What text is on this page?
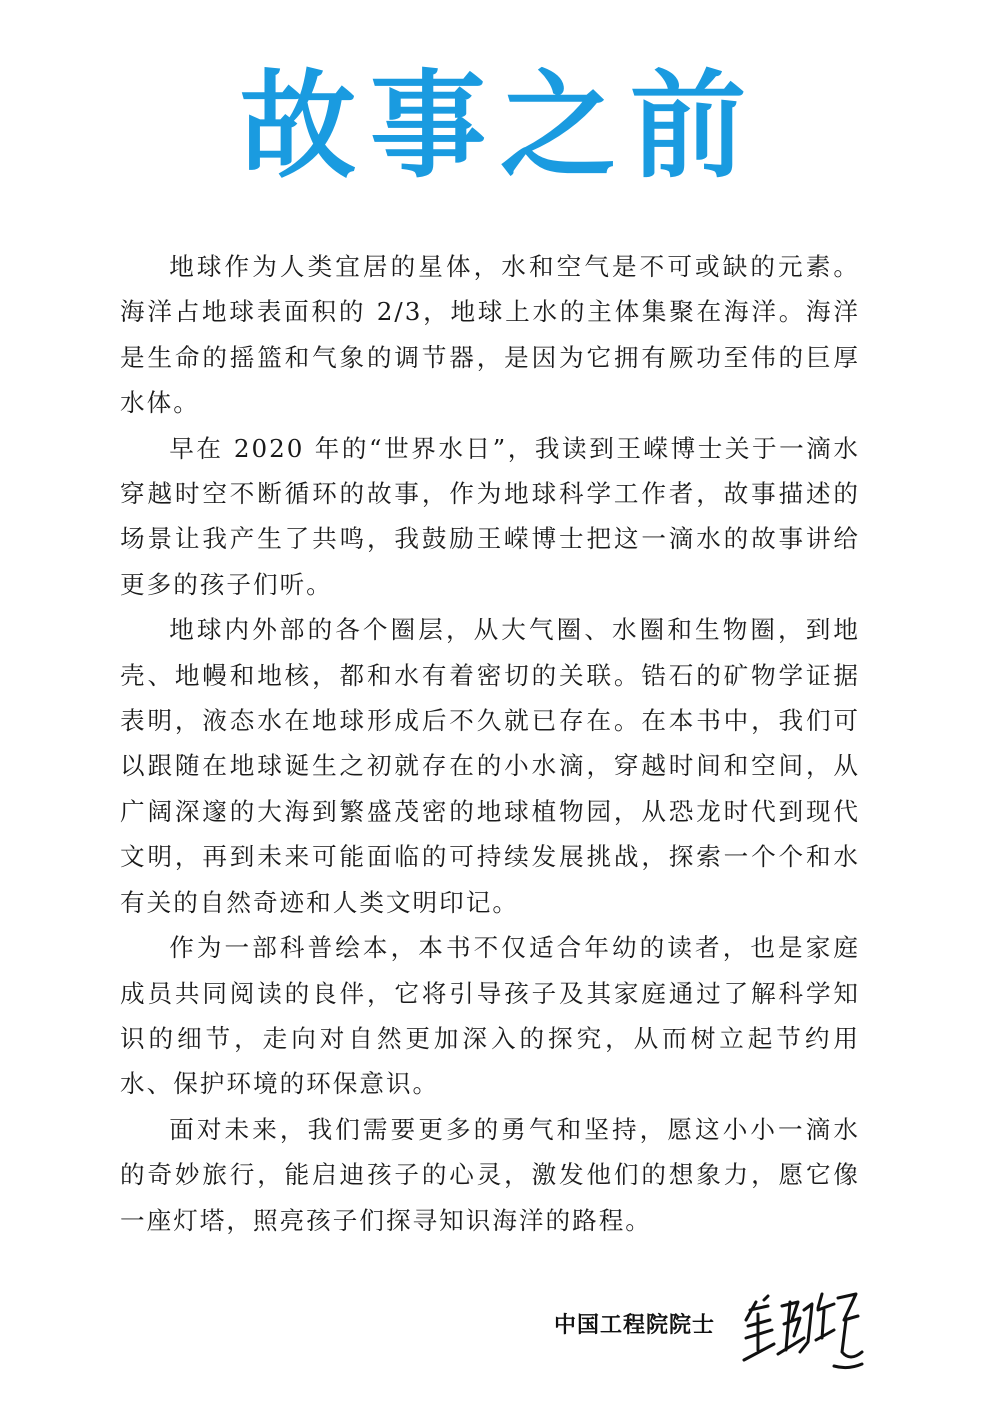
故事之前

地球作为人类宜居的星体，水和空气是不可或缺的元素。海洋占地球表面积的 2/3，地球上水的主体集聚在海洋。海洋是生命的摇篮和气象的调节器，是因为它拥有厥功至伟的巨厚水体。

早在 2020 年的“世界水日”，我读到王嵘博士关于一滴水穿越时空不断循环的故事，作为地球科学工作者，故事描述的场景让我产生了共鸣，我鼓励王嵘博士把这一滴水的故事讲给更多的孩子们听。

地球内外部的各个圈层，从大气圈、水圈和生物圈，到地壳、地幔和地核，都和水有着密切的关联。锆石的矿物学证据表明，液态水在地球形成后不久就已存在。在本书中，我们可以跟随在地球诞生之初就存在的小水滴，穿越时间和空间，从广阔深邃的大海到繁盛茂密的地球植物园，从恐龙时代到现代文明，再到未来可能面临的可持续发展挑战，探索一个个和水有关的自然奇迹和人类文明印记。

作为一部科普绘本，本书不仅适合年幼的读者，也是家庭成员共同阅读的良伴，它将引导孩子及其家庭通过了解科学知识的细节，走向对自然更加深入的探究，从而树立起节约用水、保护环境的环保意识。

面对未来，我们需要更多的勇气和坚持，愿这小小一滴水的奇妙旅行，能启迪孩子的心灵，激发他们的想象力，愿它像一座灯塔，照亮孩子们探寻知识海洋的路程。

中国工程院院士
